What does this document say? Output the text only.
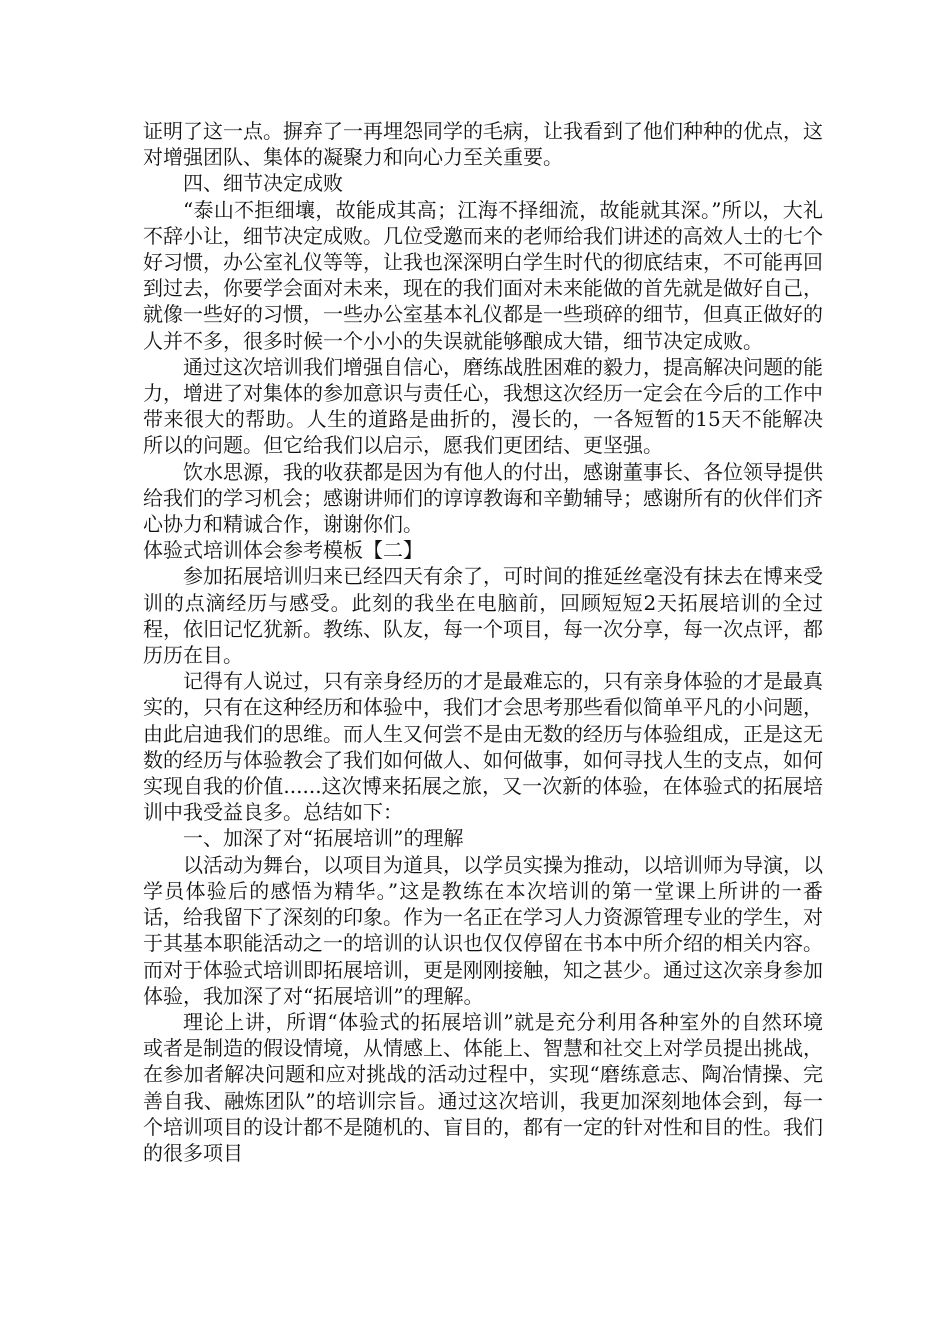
证明了这一点。摒弃了一再埋怨同学的毛病，让我看到了他们种种的优点，这对增强团队、集体的凝聚力和向心力至关重要。

四、细节决定成败

“泰山不拒细壤，故能成其高；江海不择细流，故能就其深。”所以，大礼不辞小让，细节决定成败。几位受邀而来的老师给我们讲述的高效人士的七个好习惯，办公室礼仪等等，让我也深深明白学生时代的彻底结束，不可能再回到过去，你要学会面对未来，现在的我们面对未来能做的首先就是做好自己，就像一些好的习惯，一些办公室基本礼仪都是一些琐碎的细节，但真正做好的人并不多，很多时候一个小小的失误就能够酿成大错，细节决定成败。

通过这次培训我们增强自信心，磨练战胜困难的毅力，提高解决问题的能力，增进了对集体的参加意识与责任心，我想这次经历一定会在今后的工作中带来很大的帮助。人生的道路是曲折的，漫长的，一各短暂的15天不能解决所以的问题。但它给我们以启示，愿我们更团结、更坚强。

饮水思源，我的收获都是因为有他人的付出，感谢董事长、各位领导提供给我们的学习机会；感谢讲师们的谆谆教诲和辛勤辅导；感谢所有的伙伴们齐心协力和精诚合作，谢谢你们。

体验式培训体会参考模板【二】

参加拓展培训归来已经四天有余了，可时间的推延丝毫没有抹去在博来受训的点滴经历与感受。此刻的我坐在电脑前，回顾短短2天拓展培训的全过程，依旧记忆犹新。教练、队友，每一个项目，每一次分享，每一次点评，都历历在目。

记得有人说过，只有亲身经历的才是最难忘的，只有亲身体验的才是最真实的，只有在这种经历和体验中，我们才会思考那些看似简单平凡的小问题，由此启迪我们的思维。而人生又何尝不是由无数的经历与体验组成，正是这无数的经历与体验教会了我们如何做人、如何做事，如何寻找人生的支点，如何实现自我的价值......这次博来拓展之旅，又一次新的体验，在体验式的拓展培训中我受益良多。总结如下：

一、加深了对“拓展培训”的理解

以活动为舞台，以项目为道具，以学员实操为推动，以培训师为导演，以学员体验后的感悟为精华。”这是教练在本次培训的第一堂课上所讲的一番话，给我留下了深刻的印象。作为一名正在学习人力资源管理专业的学生，对于其基本职能活动之一的培训的认识也仅仅停留在书本中所介绍的相关内容。而对于体验式培训即拓展培训，更是刚刚接触，知之甚少。通过这次亲身参加体验，我加深了对“拓展培训”的理解。

理论上讲，所谓“体验式的拓展培训”就是充分利用各种室外的自然环境或者是制造的假设情境，从情感上、体能上、智慧和社交上对学员提出挑战，在参加者解决问题和应对挑战的活动过程中，实现“磨练意志、陶冶情操、完善自我、融炼团队”的培训宗旨。通过这次培训，我更加深刻地体会到，每一个培训项目的设计都不是随机的、盲目的，都有一定的针对性和目的性。我们的很多项目
